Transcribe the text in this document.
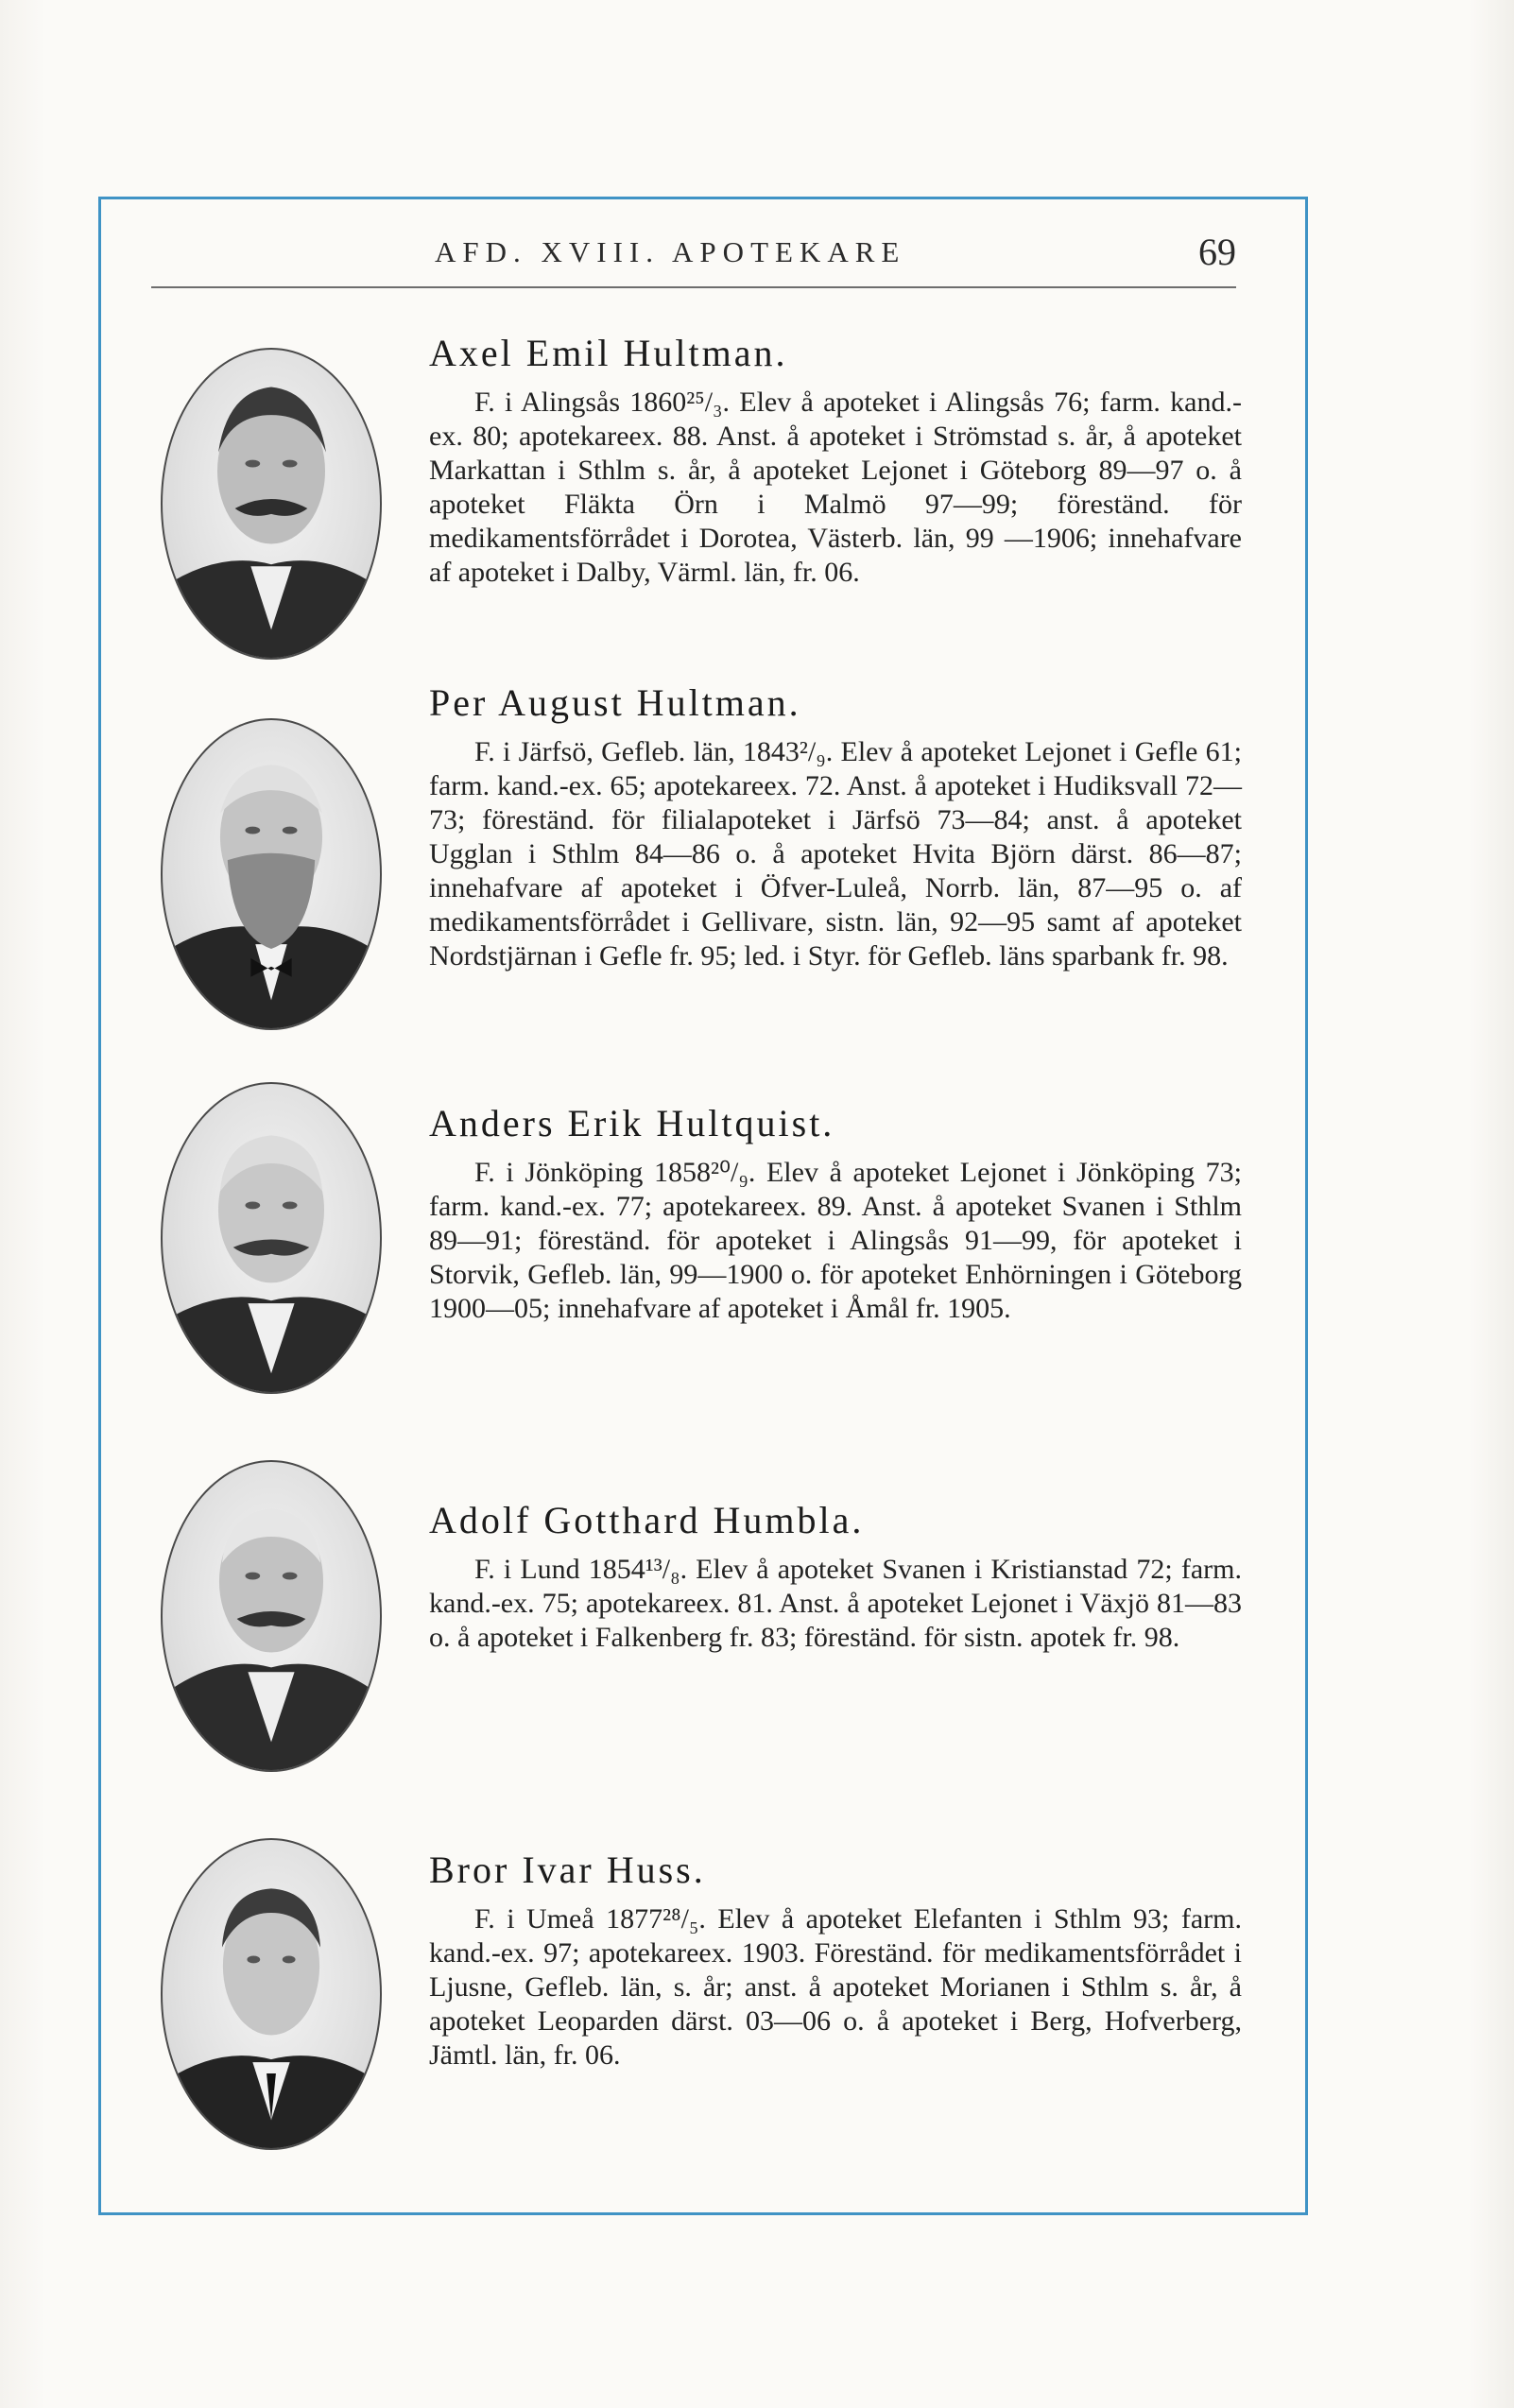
AFD. XVIII. APOTEKARE	69
Axel Emil Hultman.
F. i Alingsås 1860²⁵/₃. Elev å apoteket i Alingsås 76; farm. kand.-ex. 80; apotekareex. 88. Anst. å apoteket i Strömstad s. år, å apoteket Markattan i Sthlm s. år, å apoteket Lejonet i Göteborg 89—97 o. å apoteket Fläkta Örn i Malmö 97—99; föreständ. för medikamentsförrådet i Dorotea, Västerb. län, 99 —1906; innehafvare af apoteket i Dalby, Värml. län, fr. 06.
Per August Hultman.
F. i Järfsö, Gefleb. län, 1843²/₉. Elev å apoteket Lejonet i Gefle 61; farm. kand.-ex. 65; apotekareex. 72. Anst. å apoteket i Hudiksvall 72—73; föreständ. för filialapoteket i Järfsö 73—84; anst. å apoteket Ugglan i Sthlm 84—86 o. å apoteket Hvita Björn därst. 86—87; innehafvare af apoteket i Öfver-Luleå, Norrb. län, 87—95 o. af medikamentsförrådet i Gellivare, sistn. län, 92—95 samt af apoteket Nordstjärnan i Gefle fr. 95; led. i Styr. för Gefleb. läns sparbank fr. 98.
Anders Erik Hultquist.
F. i Jönköping 1858²⁰/₉. Elev å apoteket Lejonet i Jönköping 73; farm. kand.-ex. 77; apotekareex. 89. Anst. å apoteket Svanen i Sthlm 89—91; föreständ. för apoteket i Alingsås 91—99, för apoteket i Storvik, Gefleb. län, 99—1900 o. för apoteket Enhörningen i Göteborg 1900—05; innehafvare af apoteket i Åmål fr. 1905.
Adolf Gotthard Humbla.
F. i Lund 1854¹³/₈. Elev å apoteket Svanen i Kristianstad 72; farm. kand.-ex. 75; apotekareex. 81. Anst. å apoteket Lejonet i Växjö 81—83 o. å apoteket i Falkenberg fr. 83; föreständ. för sistn. apotek fr. 98.
Bror Ivar Huss.
F. i Umeå 1877²⁸/₅. Elev å apoteket Elefanten i Sthlm 93; farm. kand.-ex. 97; apotekareex. 1903. Föreständ. för medikamentsförrådet i Ljusne, Gefleb. län, s. år; anst. å apoteket Morianen i Sthlm s. år, å apoteket Leoparden därst. 03—06 o. å apoteket i Berg, Hofverberg, Jämtl. län, fr. 06.
